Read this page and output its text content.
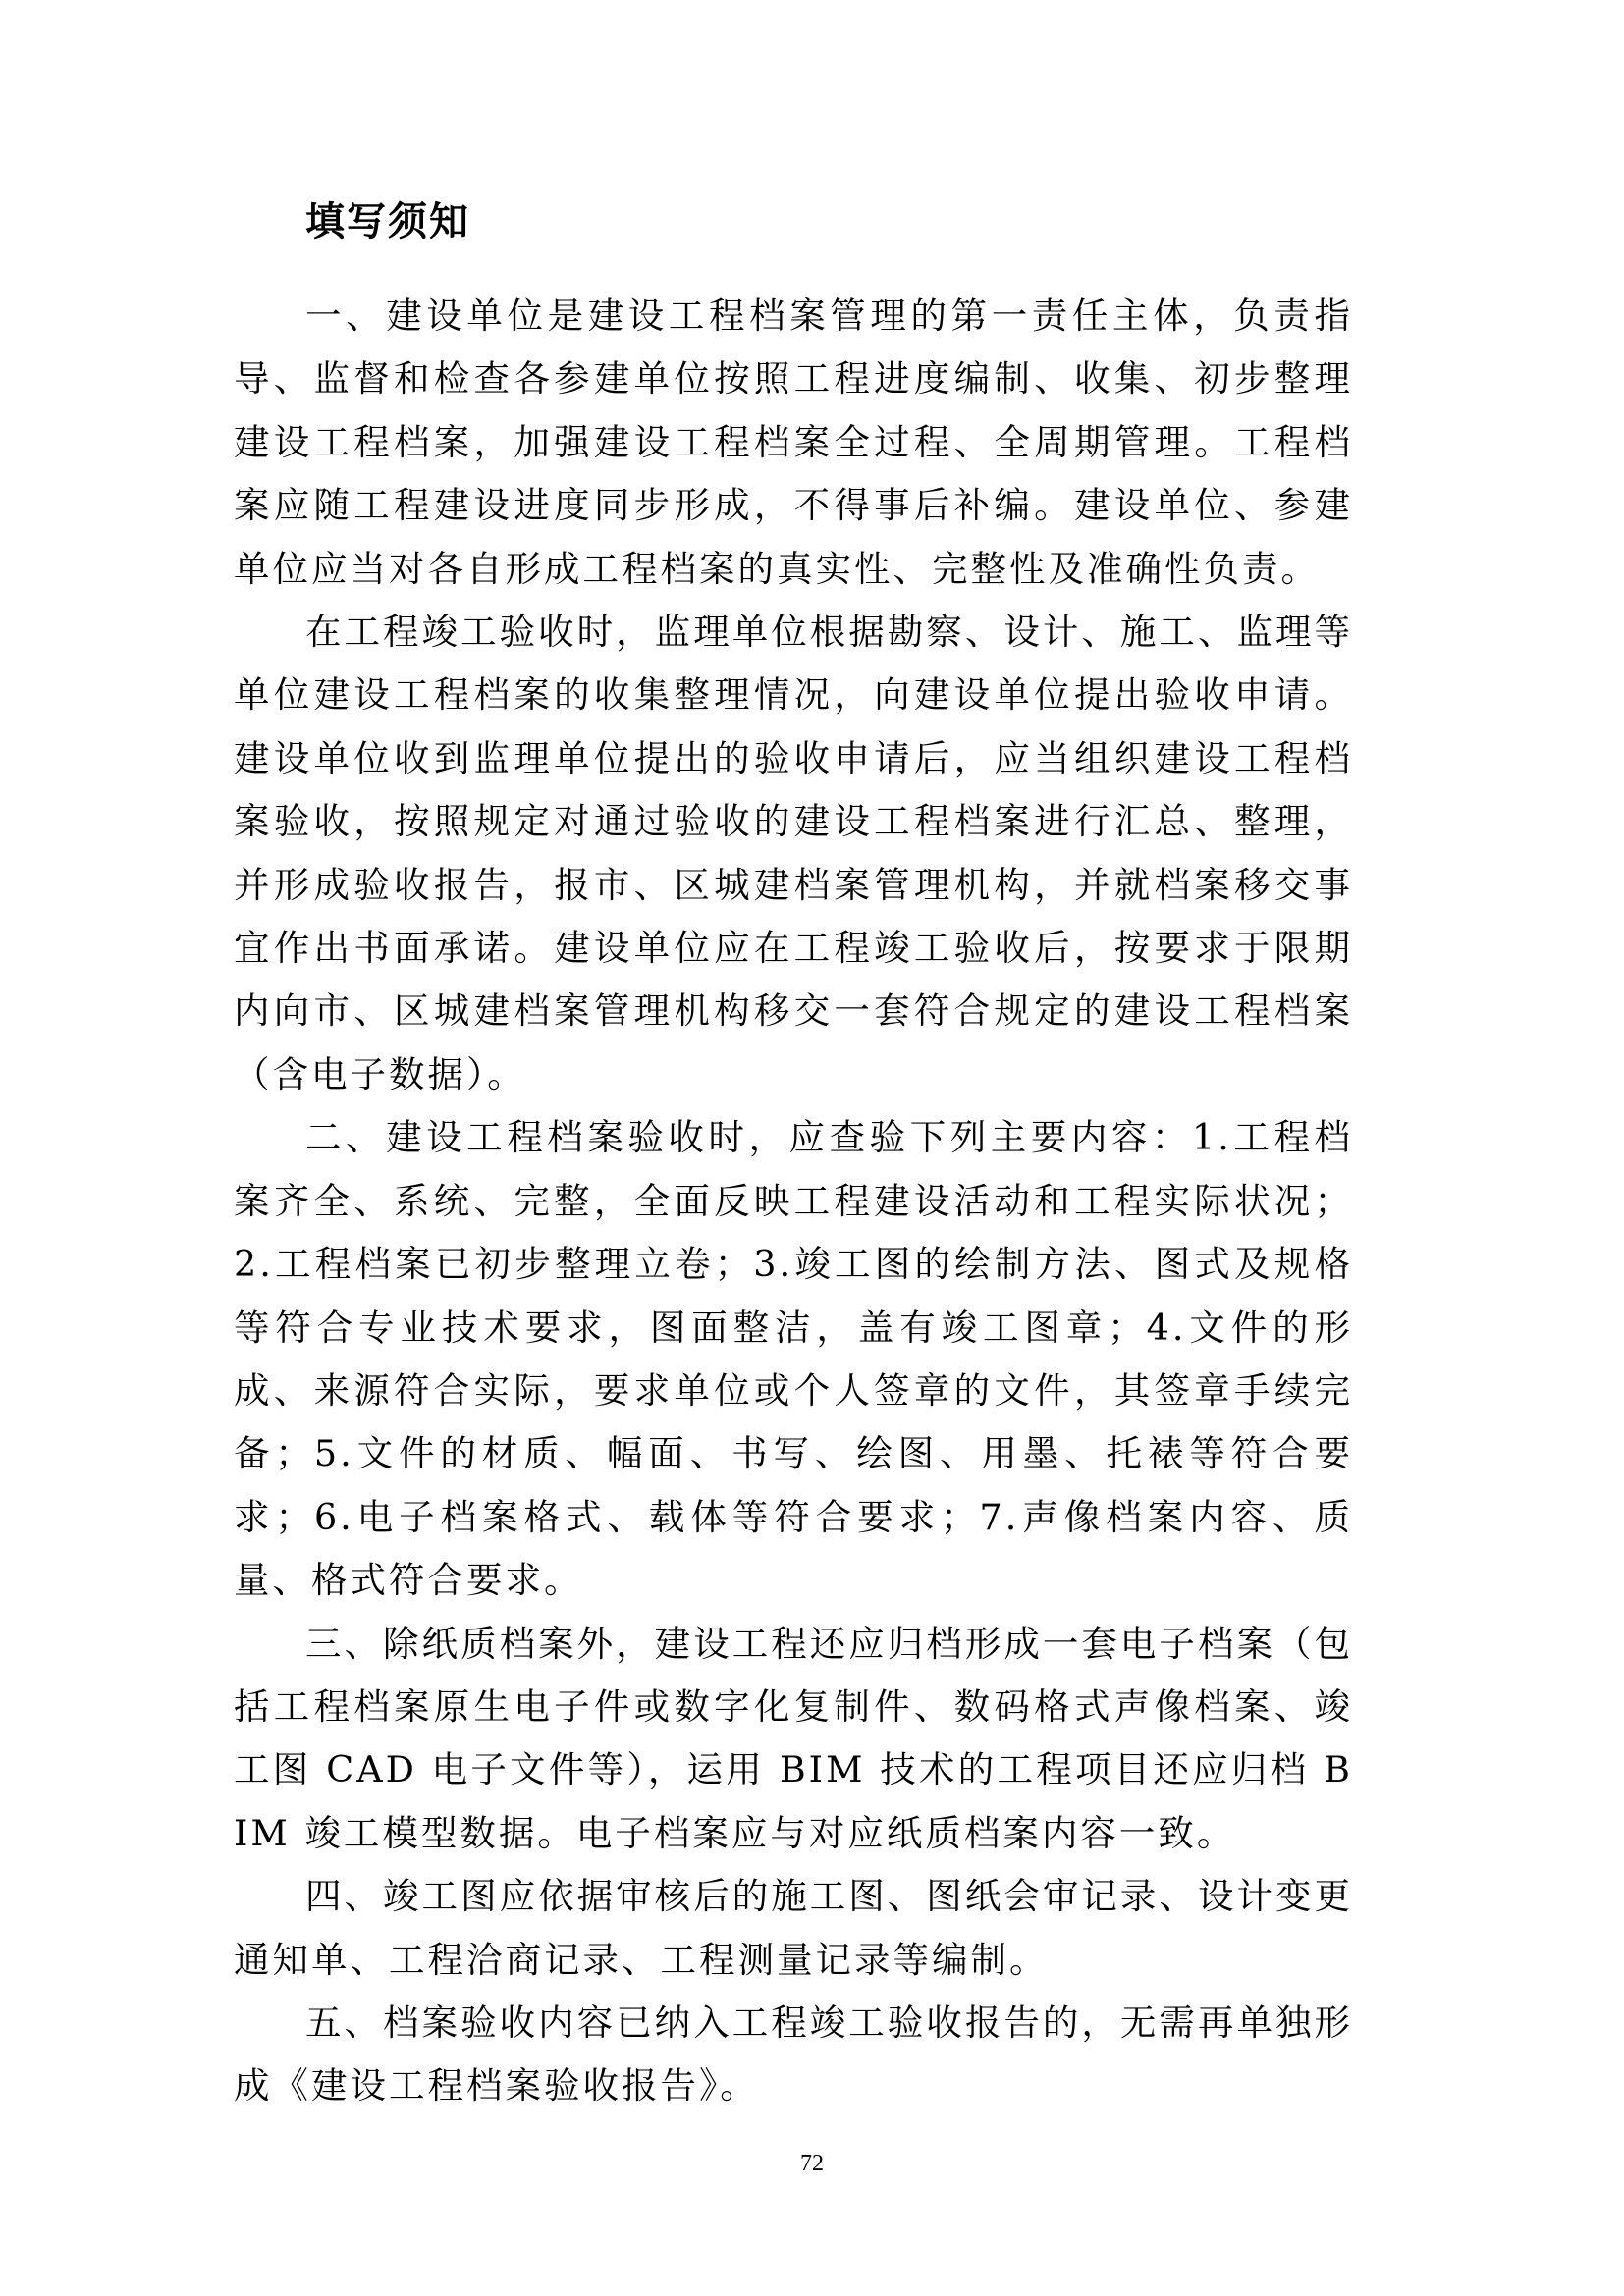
填写须知

一、建设单位是建设工程档案管理的第一责任主体，负责指导、监督和检查各参建单位按照工程进度编制、收集、初步整理建设工程档案，加强建设工程档案全过程、全周期管理。工程档案应随工程建设进度同步形成，不得事后补编。建设单位、参建单位应当对各自形成工程档案的真实性、完整性及准确性负责。

在工程竣工验收时，监理单位根据勘察、设计、施工、监理等单位建设工程档案的收集整理情况，向建设单位提出验收申请。建设单位收到监理单位提出的验收申请后，应当组织建设工程档案验收，按照规定对通过验收的建设工程档案进行汇总、整理，并形成验收报告，报市、区城建档案管理机构，并就档案移交事宜作出书面承诺。建设单位应在工程竣工验收后，按要求于限期内向市、区城建档案管理机构移交一套符合规定的建设工程档案（含电子数据）。

二、建设工程档案验收时，应查验下列主要内容：1.工程档案齐全、系统、完整，全面反映工程建设活动和工程实际状况；2.工程档案已初步整理立卷；3.竣工图的绘制方法、图式及规格等符合专业技术要求，图面整洁，盖有竣工图章；4.文件的形成、来源符合实际，要求单位或个人签章的文件，其签章手续完备；5.文件的材质、幅面、书写、绘图、用墨、托裱等符合要求；6.电子档案格式、载体等符合要求；7.声像档案内容、质量、格式符合要求。

三、除纸质档案外，建设工程还应归档形成一套电子档案（包括工程档案原生电子件或数字化复制件、数码格式声像档案、竣工图 CAD 电子文件等），运用 BIM 技术的工程项目还应归档 BIM 竣工模型数据。电子档案应与对应纸质档案内容一致。

四、竣工图应依据审核后的施工图、图纸会审记录、设计变更通知单、工程洽商记录、工程测量记录等编制。

五、档案验收内容已纳入工程竣工验收报告的，无需再单独形成《建设工程档案验收报告》。

72
